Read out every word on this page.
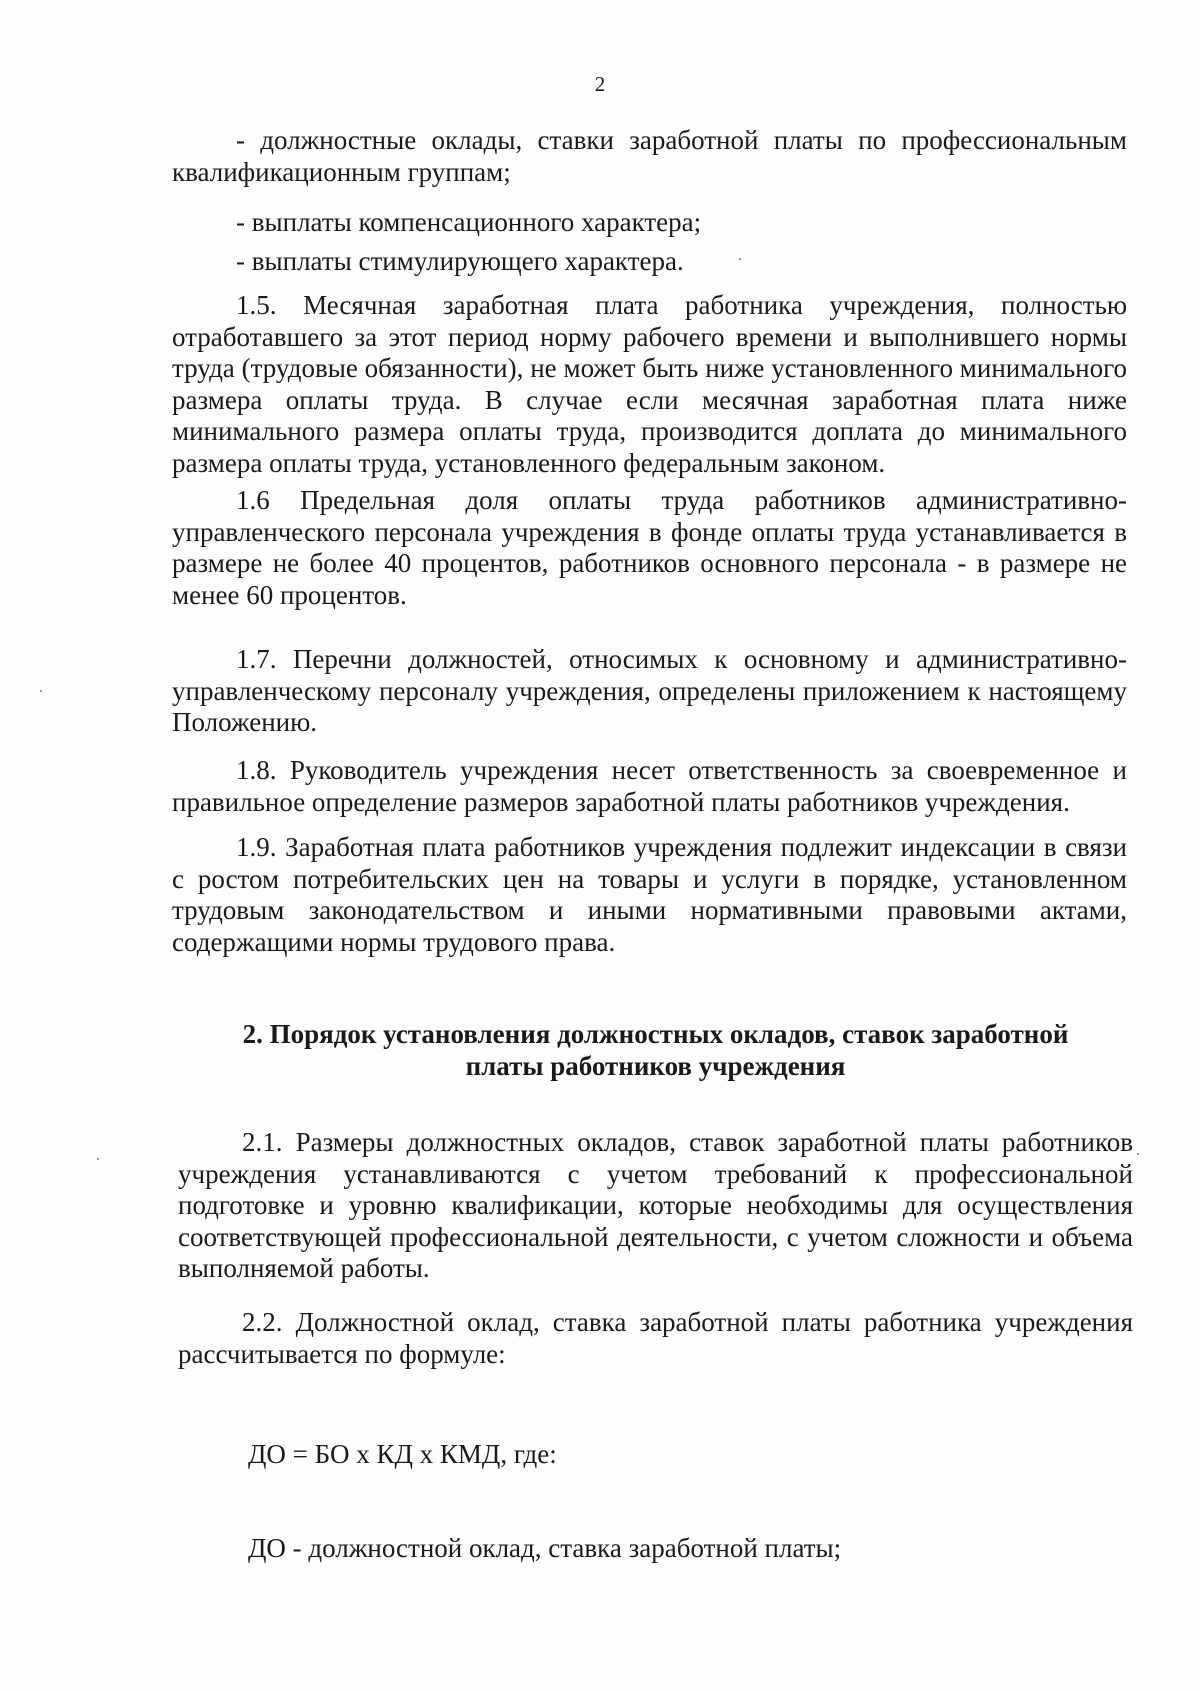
2
- должностные оклады, ставки заработной платы по профессиональным квалификационным группам;
- выплаты компенсационного характера;
- выплаты стимулирующего характера.
1.5. Месячная заработная плата работника учреждения, полностью отработавшего за этот период норму рабочего времени и выполнившего нормы труда (трудовые обязанности), не может быть ниже установленного минимального размера оплаты труда. В случае если месячная заработная плата ниже минимального размера оплаты труда, производится доплата до минимального размера оплаты труда, установленного федеральным законом.
1.6 Предельная доля оплаты труда работников административно-управленческого персонала учреждения в фонде оплаты труда устанавливается в размере не более 40 процентов, работников основного персонала - в размере не менее 60 процентов.
1.7. Перечни должностей, относимых к основному и административно-управленческому персоналу учреждения, определены приложением к настоящему Положению.
1.8. Руководитель учреждения несет ответственность за своевременное и правильное определение размеров заработной платы работников учреждения.
1.9. Заработная плата работников учреждения подлежит индексации в связи с ростом потребительских цен на товары и услуги в порядке, установленном трудовым законодательством и иными нормативными правовыми актами, содержащими нормы трудового права.
2. Порядок установления должностных окладов, ставок заработной
платы работников учреждения
2.1. Размеры должностных окладов, ставок заработной платы работников учреждения устанавливаются с учетом требований к профессиональной подготовке и уровню квалификации, которые необходимы для осуществления соответствующей профессиональной деятельности, с учетом сложности и объема выполняемой работы.
2.2. Должностной оклад, ставка заработной платы работника учреждения рассчитывается по формуле:
ДО = БО х КД х КМД, где:
ДО - должностной оклад, ставка заработной платы;
